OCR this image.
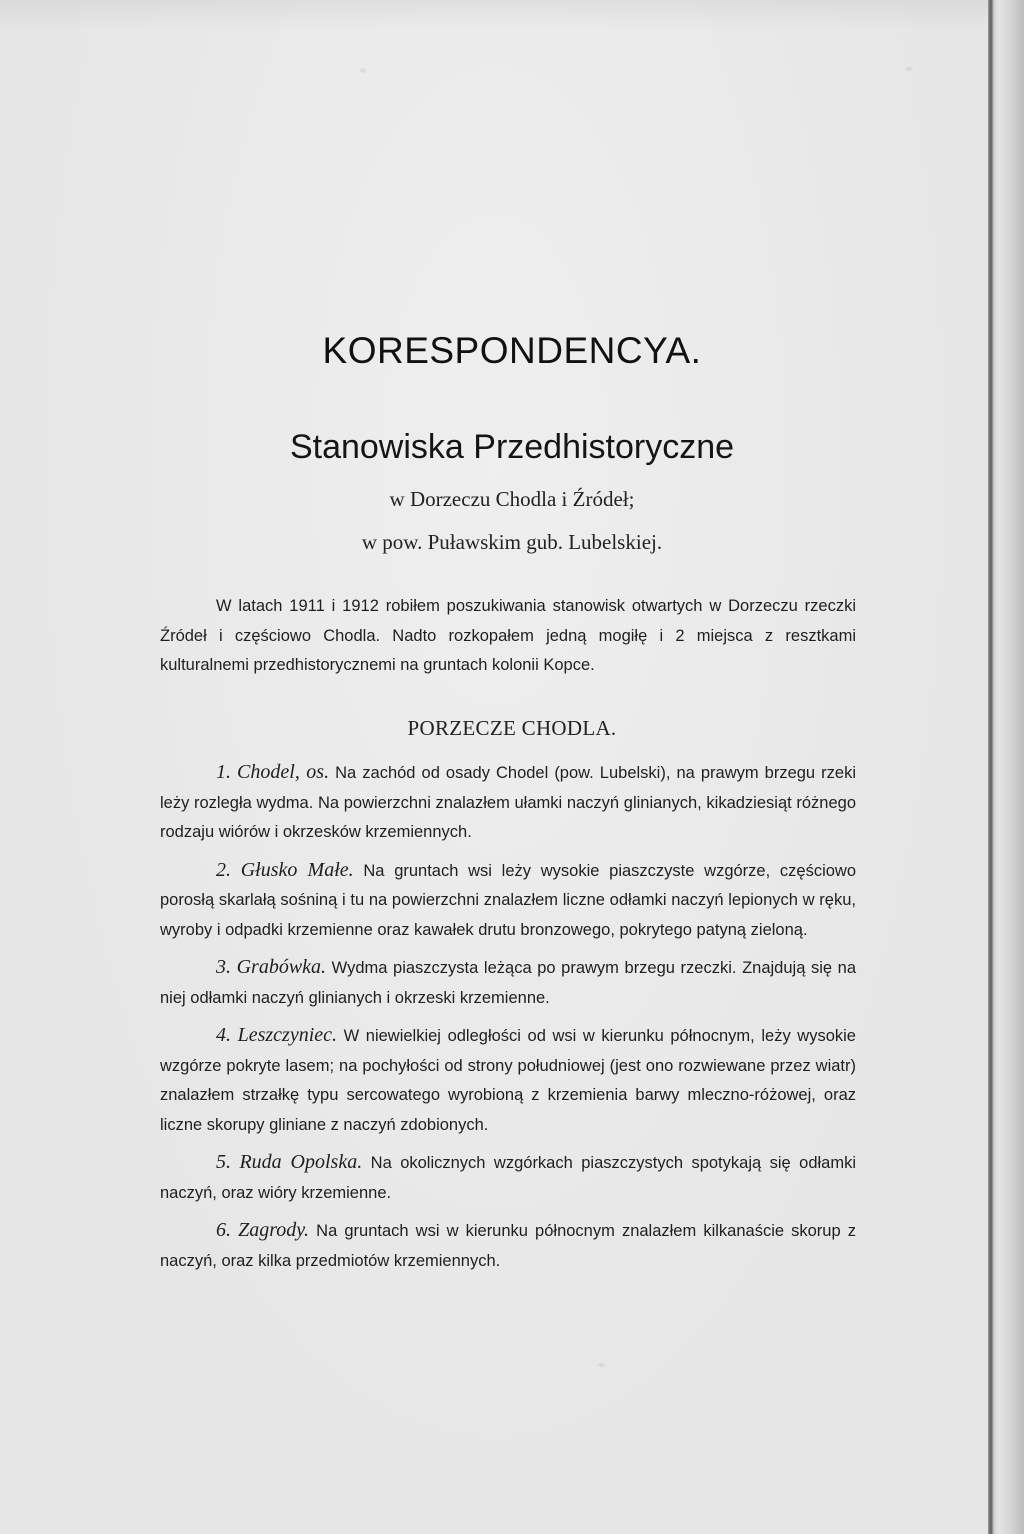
KORESPONDENCYA.
Stanowiska Przedhistoryczne
w Dorzeczu Chodla i Źródeł;
w pow. Puławskim gub. Lubelskiej.
W latach 1911 i 1912 robiłem poszukiwania stanowisk otwartych w Dorzeczu rzeczki Źródeł i częściowo Chodla. Nadto rozkopałem jedną mogiłę i 2 miejsca z resztkami kulturalnemi przedhistorycznemi na gruntach kolonii Kopce.
PORZECZE CHODLA.

1. Chodel, os. Na zachód od osady Chodel (pow. Lubelski), na prawym brzegu rzeki leży rozległa wydma. Na powierzchni znalazłem ułamki naczyń glinianych, kikadziesiąt różnego rodzaju wiórów i okrzesków krzemiennych.

2. Głusko Małe. Na gruntach wsi leży wysokie piaszczyste wzgórze, częściowo porosłą skarlałą sośniną i tu na powierzchni znalazłem liczne odłamki naczyń lepionych w ręku, wyroby i odpadki krzemienne oraz kawałek drutu bronzowego, pokrytego patyną zieloną.

3. Grabówka. Wydma piaszczysta leżąca po prawym brzegu rzeczki. Znajdują się na niej odłamki naczyń glinianych i okrzeski krzemienne.

4. Leszczyniec. W niewielkiej odległości od wsi w kierunku północnym, leży wysokie wzgórze pokryte lasem; na pochyłości od strony południowej (jest ono rozwiewane przez wiatr) znalazłem strzałkę typu sercowatego wyrobioną z krzemienia barwy mleczno-różowej, oraz liczne skorupy gliniane z naczyń zdobionych.

5. Ruda Opolska. Na okolicznych wzgórkach piaszczystych spotykają się odłamki naczyń, oraz wióry krzemienne.

6. Zagrody. Na gruntach wsi w kierunku północnym znalazłem kilkanaście skorup z naczyń, oraz kilka przedmiotów krzemiennych.
